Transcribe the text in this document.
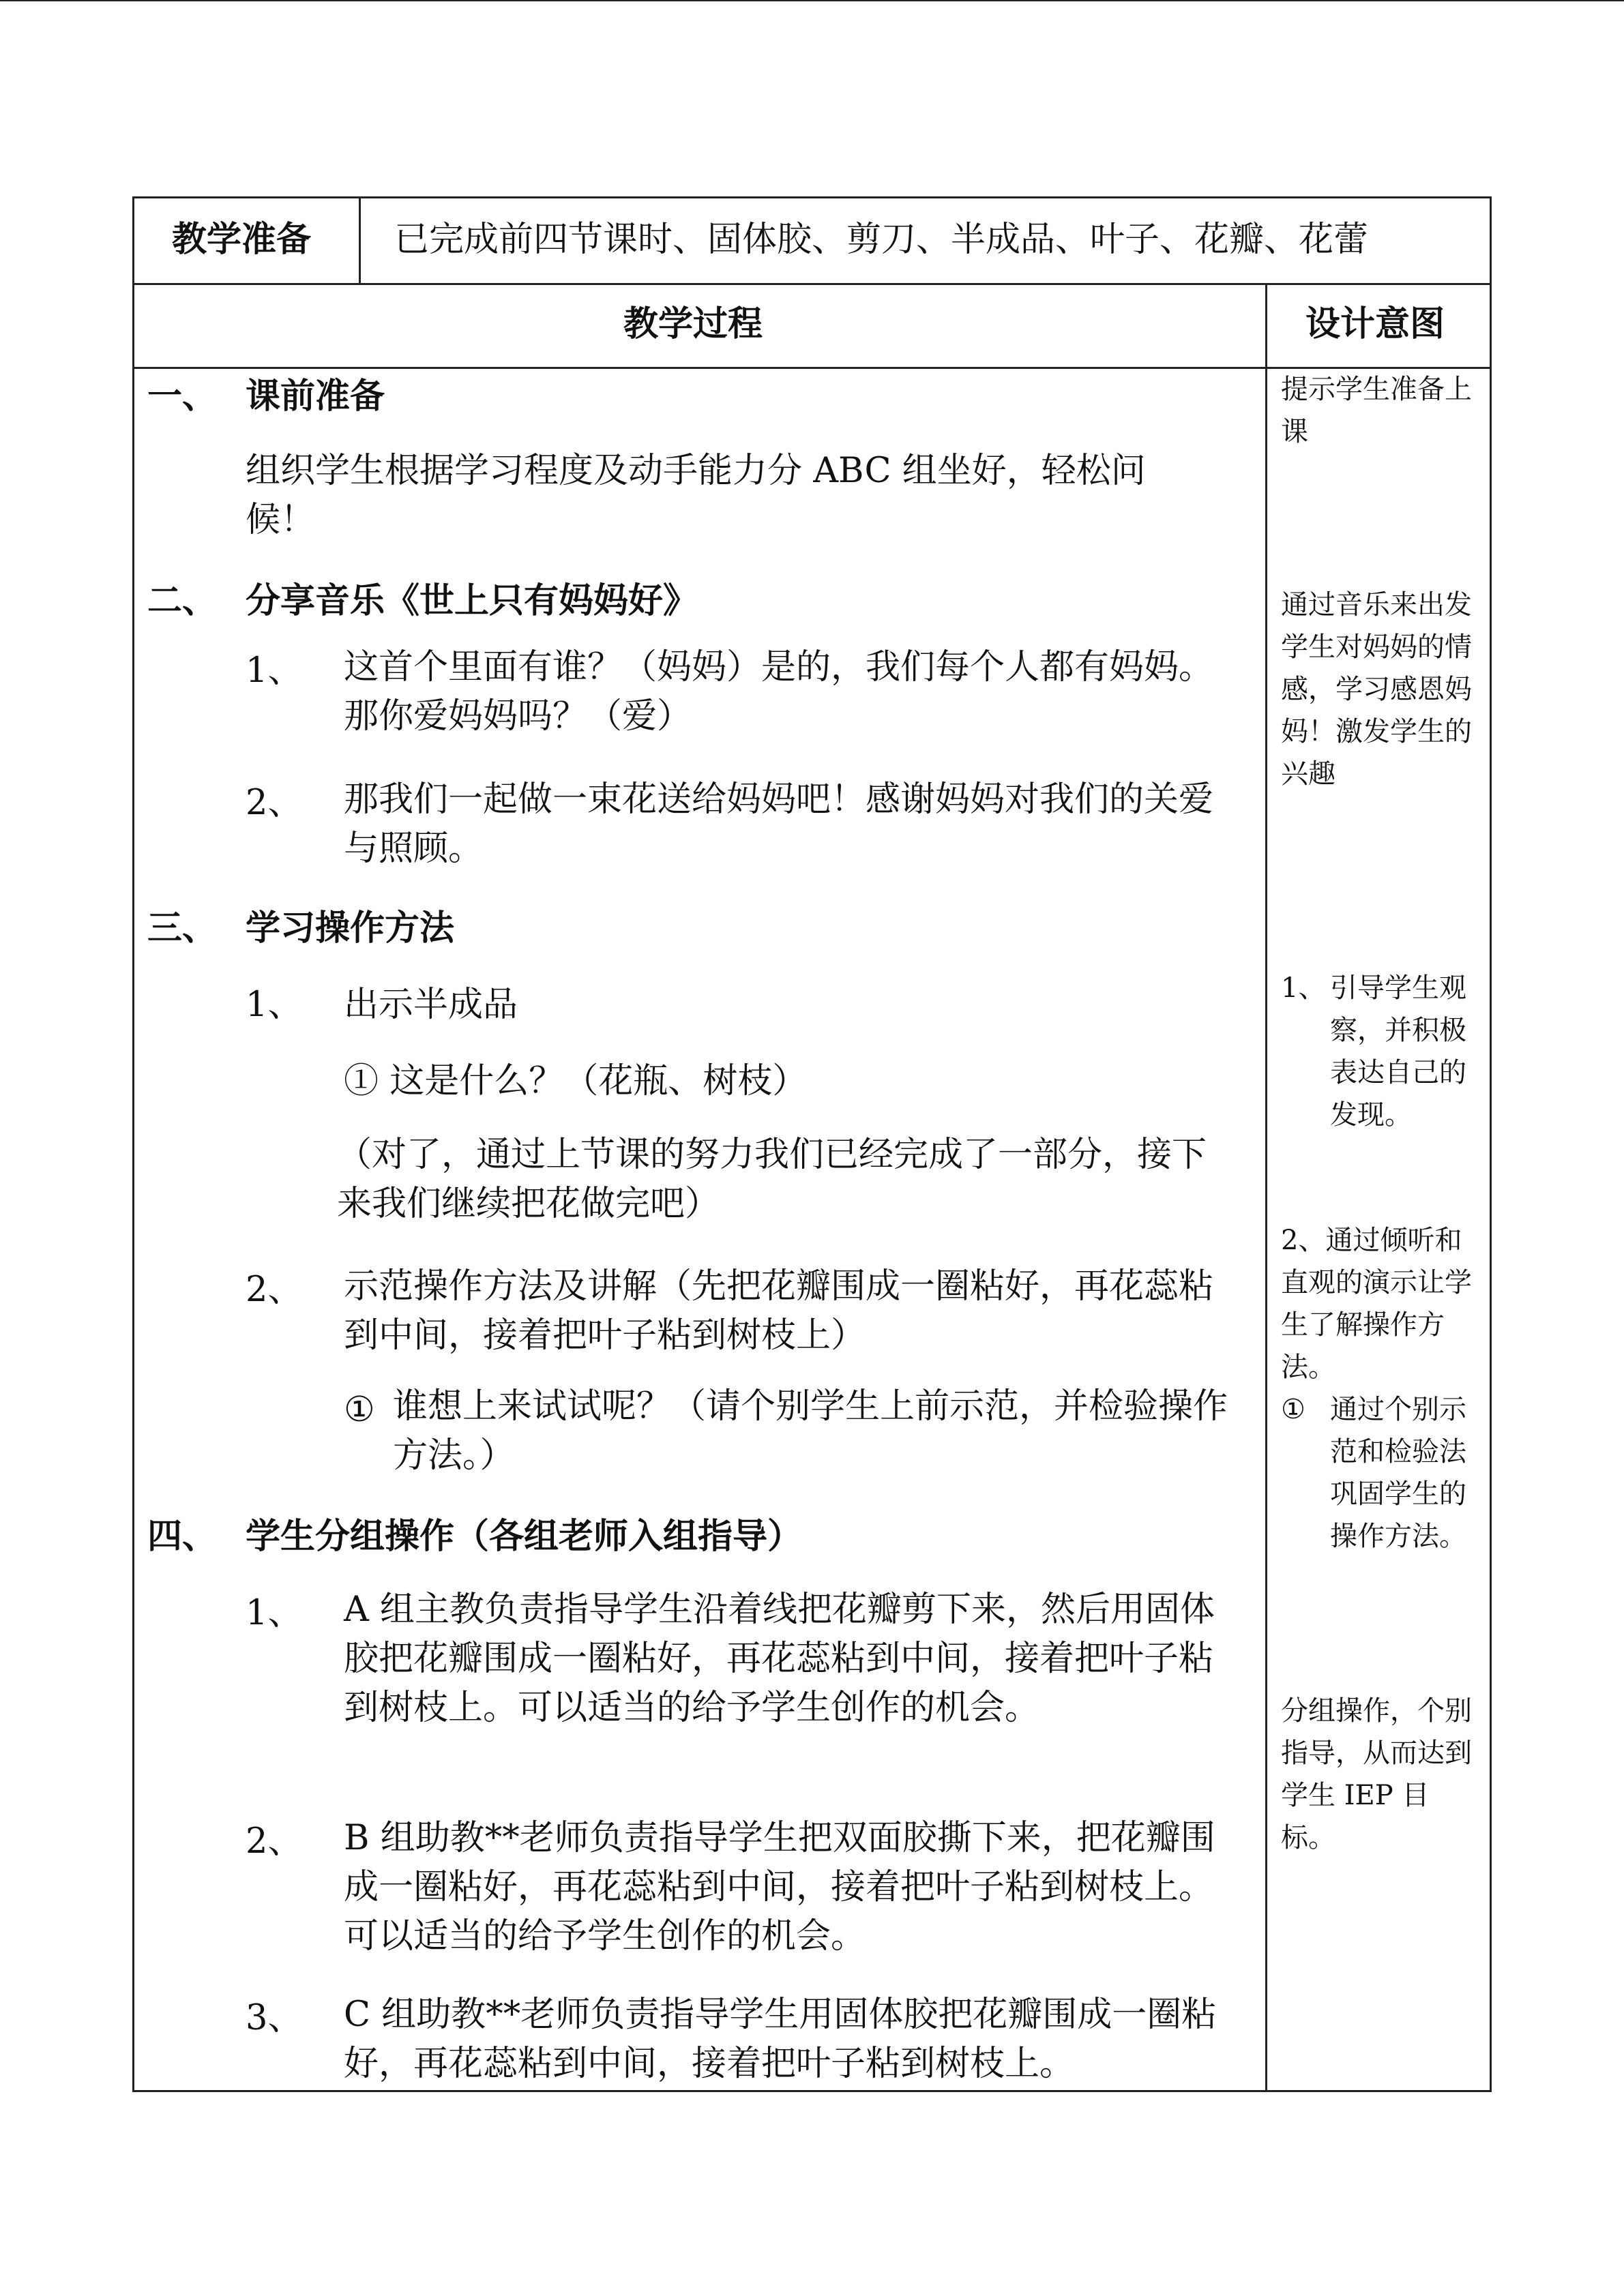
教学准备 已完成前四节课时、固体胶、剪刀、半成品、叶子、花瓣、花蕾
教学过程	设计意图
一、 课前准备
组织学生根据学习程度及动手能力分 ABC 组坐好，轻松问候！
二、 分享音乐《世上只有妈妈好》
1、 这首个里面有谁？（妈妈）是的，我们每个人都有妈妈。那你爱妈妈吗？（爱）
2、 那我们一起做一束花送给妈妈吧！感谢妈妈对我们的关爱与照顾。
三、 学习操作方法
1、 出示半成品
① 这是什么？（花瓶、树枝）
（对了，通过上节课的努力我们已经完成了一部分，接下来我们继续把花做完吧）
2、 示范操作方法及讲解（先把花瓣围成一圈粘好，再花蕊粘到中间，接着把叶子粘到树枝上）
① 谁想上来试试呢？（请个别学生上前示范，并检验操作方法。）
四、 学生分组操作（各组老师入组指导）
1、 A 组主教负责指导学生沿着线把花瓣剪下来，然后用固体胶把花瓣围成一圈粘好，再花蕊粘到中间，接着把叶子粘到树枝上。可以适当的给予学生创作的机会。
2、 B 组助教**老师负责指导学生把双面胶撕下来，把花瓣围成一圈粘好，再花蕊粘到中间，接着把叶子粘到树枝上。可以适当的给予学生创作的机会。
3、 C 组助教**老师负责指导学生用固体胶把花瓣围成一圈粘好，再花蕊粘到中间，接着把叶子粘到树枝上。
提示学生准备上课
通过音乐来出发学生对妈妈的情感，学习感恩妈妈！激发学生的兴趣
1、 引导学生观察，并积极表达自己的发现。
2、通过倾听和直观的演示让学生了解操作方法。
① 通过个别示范和检验法巩固学生的操作方法。
分组操作，个别指导，从而达到学生 IEP 目标。
